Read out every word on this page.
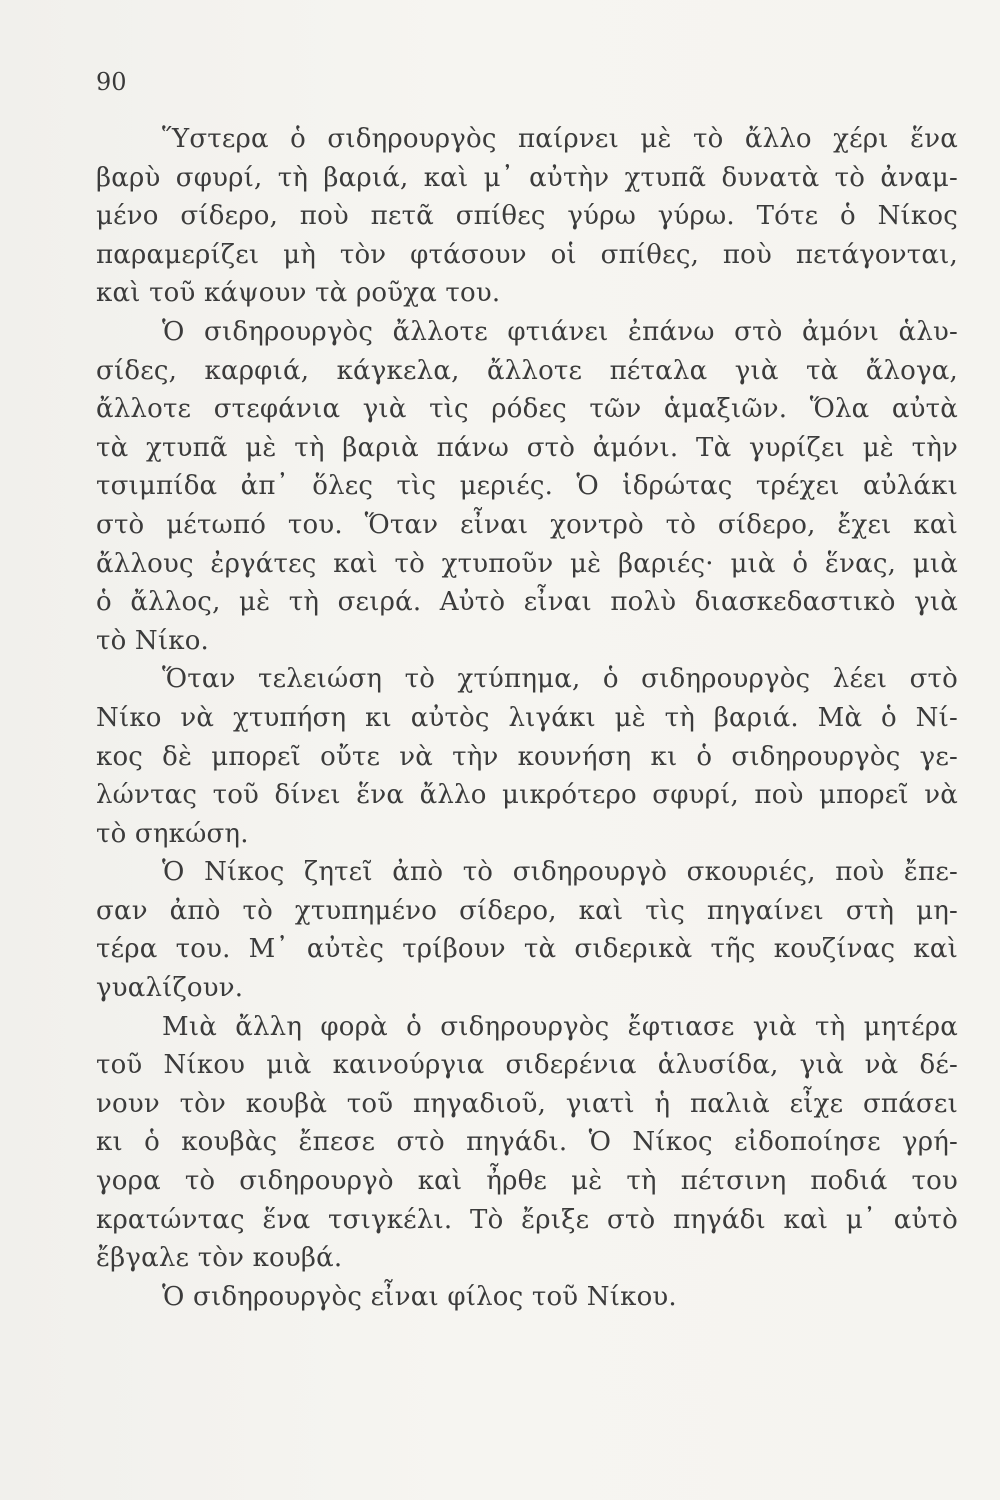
90

Ὕστερα ὁ σιδηρουργὸς παίρνει μὲ τὸ ἄλλο χέρι ἕνα
βαρὺ σφυρί, τὴ βαριά, καὶ μ᾿ αὐτὴν χτυπᾶ δυνατὰ τὸ ἀναμ-
μένο σίδερο, ποὺ πετᾶ σπίθες γύρω γύρω. Τότε ὁ Νίκος
παραμερίζει μὴ τὸν φτάσουν οἱ σπίθες, ποὺ πετάγονται,
καὶ τοῦ κάψουν τὰ ροῦχα του.

Ὁ σιδηρουργὸς ἄλλοτε φτιάνει ἐπάνω στὸ ἀμόνι ἁλυ-
σίδες, καρφιά, κάγκελα, ἄλλοτε πέταλα γιὰ τὰ ἄλογα,
ἄλλοτε στεφάνια γιὰ τὶς ρόδες τῶν ἁμαξιῶν. Ὅλα αὐτὰ
τὰ χτυπᾶ μὲ τὴ βαριὰ πάνω στὸ ἀμόνι. Τὰ γυρίζει μὲ τὴν
τσιμπίδα ἀπ᾿ ὅλες τὶς μεριές. Ὁ ἱδρώτας τρέχει αὐλάκι
στὸ μέτωπό του. Ὅταν εἶναι χοντρὸ τὸ σίδερο, ἔχει καὶ
ἄλλους ἐργάτες καὶ τὸ χτυποῦν μὲ βαριές· μιὰ ὁ ἕνας, μιὰ
ὁ ἄλλος, μὲ τὴ σειρά. Αὐτὸ εἶναι πολὺ διασκεδαστικὸ γιὰ
τὸ Νίκο.

Ὅταν τελειώση τὸ χτύπημα, ὁ σιδηρουργὸς λέει στὸ
Νίκο νὰ χτυπήση κι αὐτὸς λιγάκι μὲ τὴ βαριά. Μὰ ὁ Νί-
κος δὲ μπορεῖ οὔτε νὰ τὴν κουνήση κι ὁ σιδηρουργὸς γε-
λώντας τοῦ δίνει ἕνα ἄλλο μικρότερο σφυρί, ποὺ μπορεῖ νὰ
τὸ σηκώση.

Ὁ Νίκος ζητεῖ ἀπὸ τὸ σιδηρουργὸ σκουριές, ποὺ ἔπε-
σαν ἀπὸ τὸ χτυπημένο σίδερο, καὶ τὶς πηγαίνει στὴ μη-
τέρα του. Μ᾿ αὐτὲς τρίβουν τὰ σιδερικὰ τῆς κουζίνας καὶ
γυαλίζουν.

Μιὰ ἄλλη φορὰ ὁ σιδηρουργὸς ἔφτιασε γιὰ τὴ μητέρα
τοῦ Νίκου μιὰ καινούργια σιδερένια ἁλυσίδα, γιὰ νὰ δέ-
νουν τὸν κουβὰ τοῦ πηγαδιοῦ, γιατὶ ἡ παλιὰ εἶχε σπάσει
κι ὁ κουβὰς ἔπεσε στὸ πηγάδι. Ὁ Νίκος εἰδοποίησε γρή-
γορα τὸ σιδηρουργὸ καὶ ἦρθε μὲ τὴ πέτσινη ποδιά του
κρατώντας ἕνα τσιγκέλι. Τὸ ἔριξε στὸ πηγάδι καὶ μ᾿ αὐτὸ
ἔβγαλε τὸν κουβά.

Ὁ σιδηρουργὸς εἶναι φίλος τοῦ Νίκου.
